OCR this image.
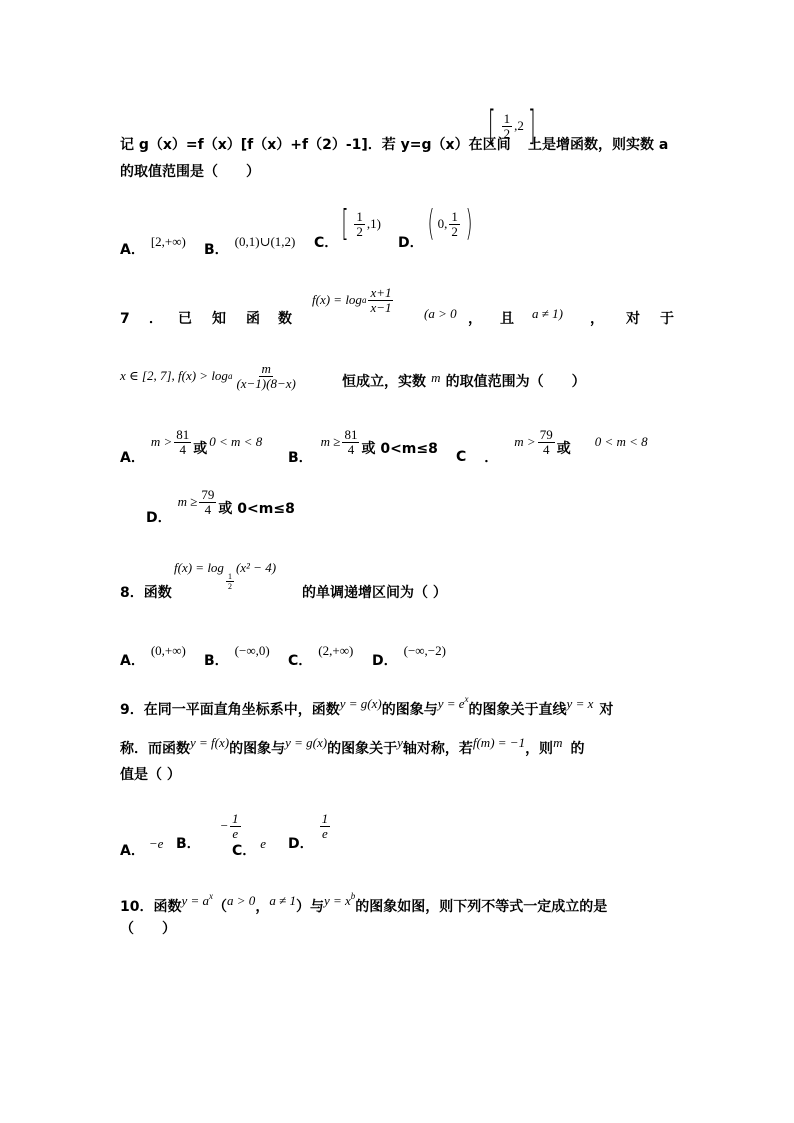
记 g（x）=f（x）[f（x）+f（2）-1]．若 y=g（x）在区间
[ $\frac{1}{2} ,2$ ]
上是增函数，则实数 a
的取值范围是（　　）
A．
[2,+∞)
B．
(0,1)∪(1,2) C． [ $\frac{1}{2} ,1$)
D． ( 0, $\frac{1}{2}$ )
7 ． 已 知 函 数
f(x) = log a $\frac{x+1}{x-1} (a > 0$ ， 且 a ≠ 1) ， 对 于
x ∈ [2, 7], f(x) > log a $\frac{m}{(x-1)(8-x)}$	恒成立，实数 $^m$ 的取值范围为（　　）
A．
$m > \frac{81}{4}$ 或 0 < m < 8
B．
$m \ge \frac{81}{4}$ 或 0<m≤8 C ．
$m > \frac{79}{4}$ 或 0 < m < 8
D．
$m \ge \frac{79}{4}$ 或 0<m≤8
8．函数
f(x) = log
$\frac{1}{2}$
(x² − 4)
的单调递增区间为（ ）
A．
(0,+∞)
B．
(−∞,0)
C．
(2,+∞)
D．
(−∞,−2)
9．在同一平面直角坐标系中，函数$^{y = g(x)}$的图象与$^{y = ex}$的图象关于直线$^{y = x}$ 对
称．而函数$^{y = f(x)}$的图象与$^{y = g(x)}$的图象关于$^y$轴对称，若$^{f(m) = -1}$，则$^m$ 的
值是（ ）
A． −e B．
− $\frac{1}{e}$
C． e D．
$\frac{1}{e}$
10．函数$^{y = ax}$（$^{a > 0}$，$^{a \ne 1}$）与$^{y = xb}$的图象如图，则下列不等式一定成立的是
（　　）
